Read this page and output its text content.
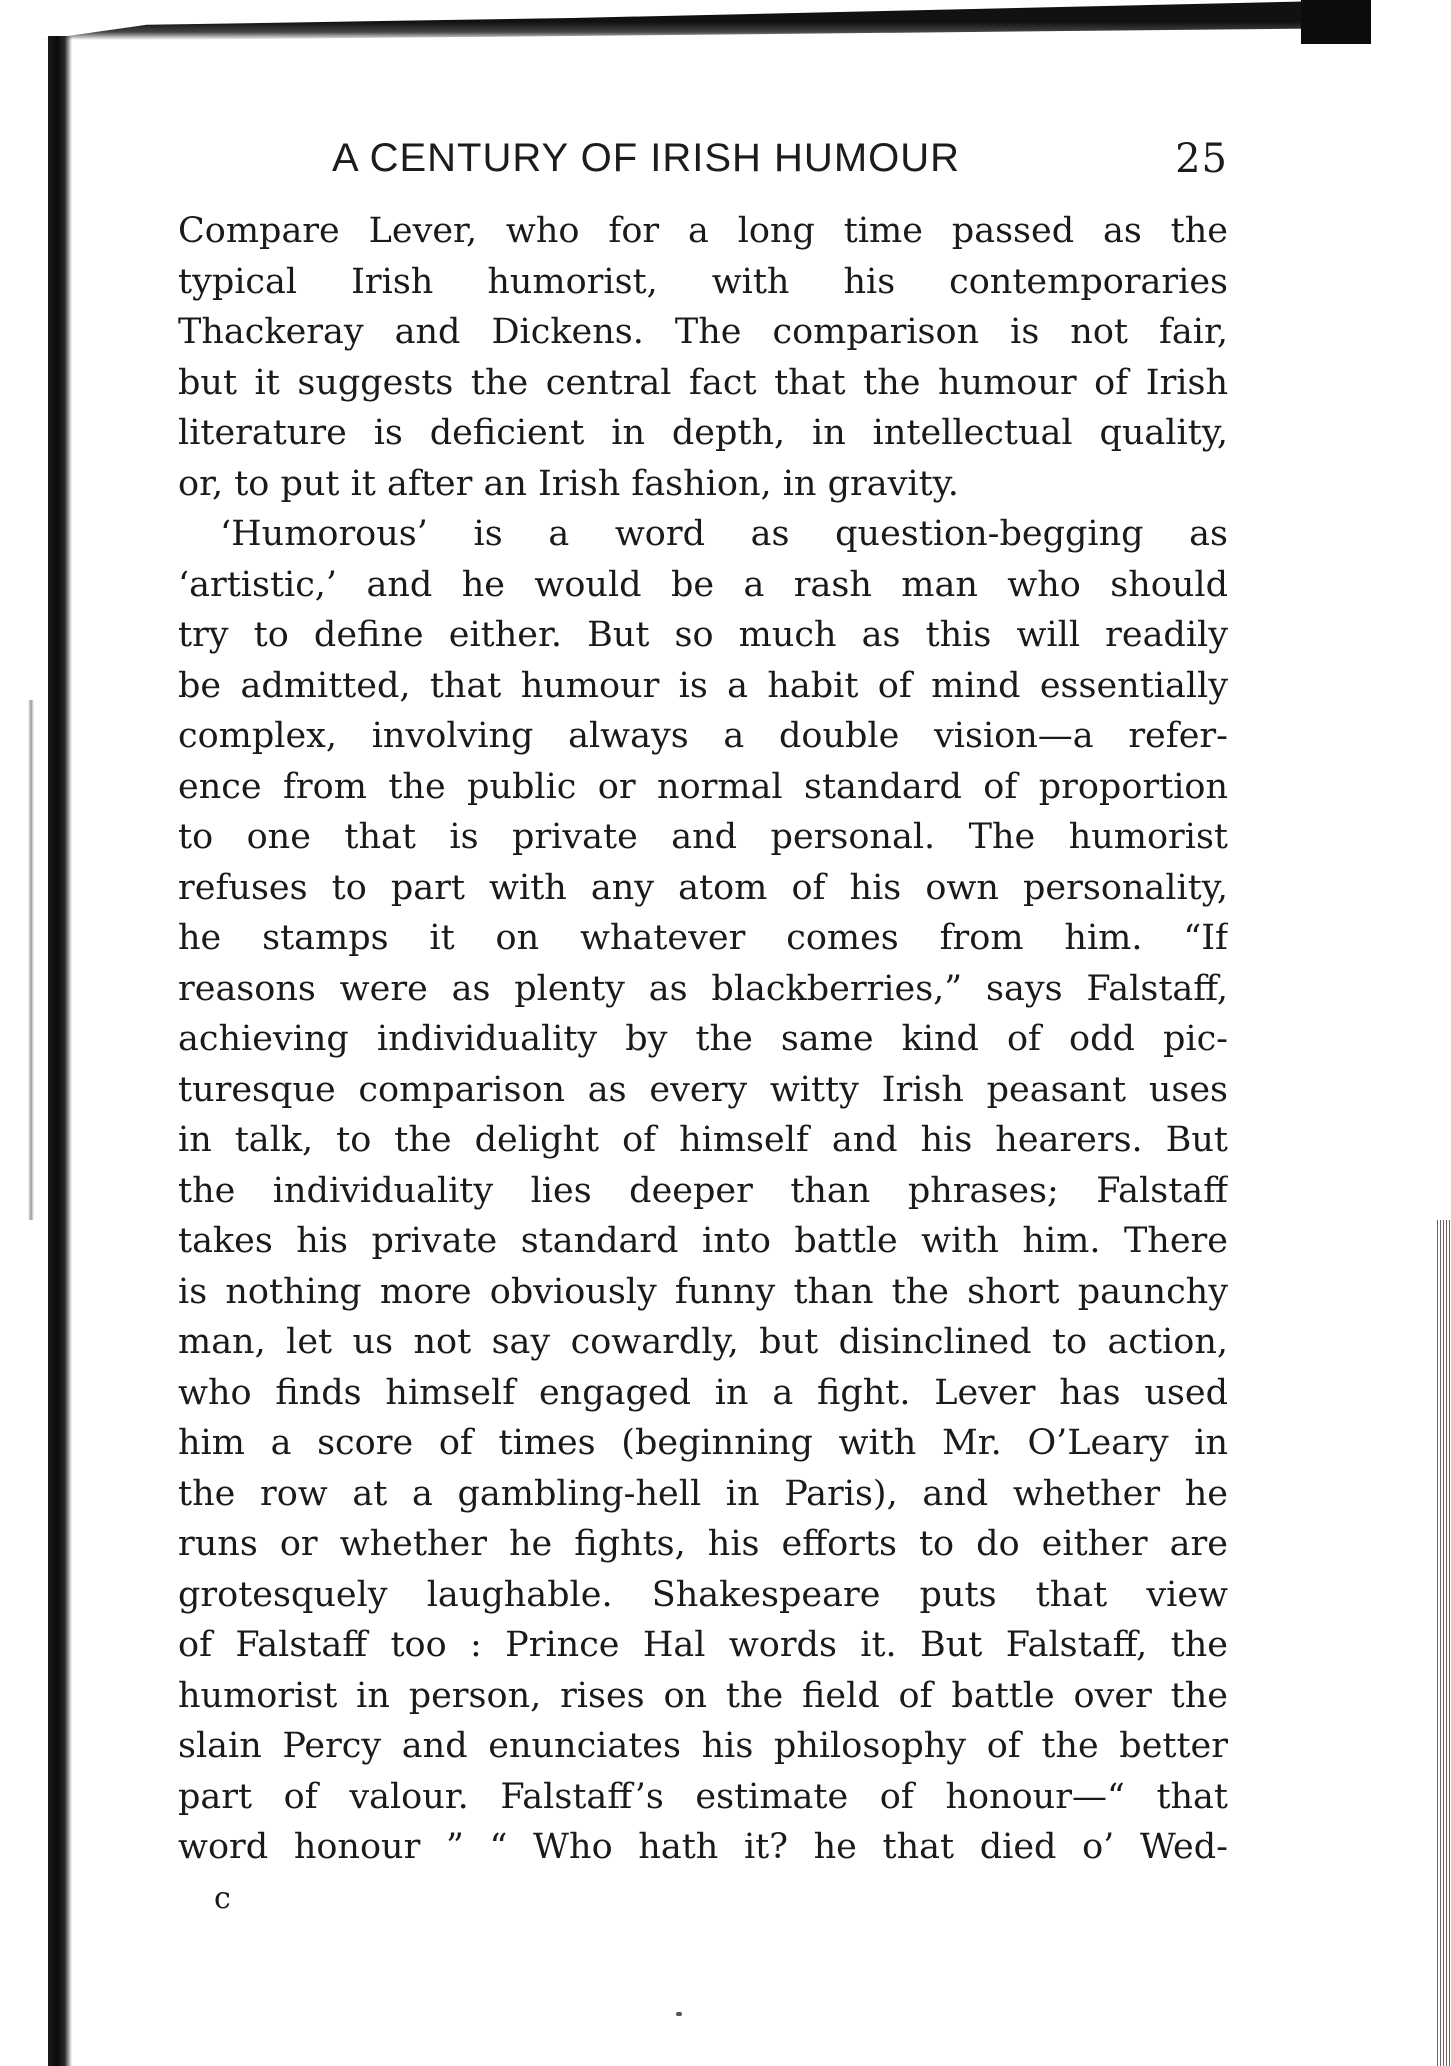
A CENTURY OF IRISH HUMOUR	25
Compare Lever, who for a long time passed as the
typical Irish humorist, with his contemporaries
Thackeray and Dickens. The comparison is not fair,
but it suggests the central fact that the humour of Irish
literature is deficient in depth, in intellectual quality,
or, to put it after an Irish fashion, in gravity.
‘Humorous’ is a word as question-begging as
‘artistic,’ and he would be a rash man who should
try to define either. But so much as this will readily
be admitted, that humour is a habit of mind essentially
complex, involving always a double vision—a refer-
ence from the public or normal standard of proportion
to one that is private and personal. The humorist
refuses to part with any atom of his own personality,
he stamps it on whatever comes from him. “If
reasons were as plenty as blackberries,” says Falstaff,
achieving individuality by the same kind of odd pic-
turesque comparison as every witty Irish peasant uses
in talk, to the delight of himself and his hearers. But
the individuality lies deeper than phrases; Falstaff
takes his private standard into battle with him. There
is nothing more obviously funny than the short paunchy
man, let us not say cowardly, but disinclined to action,
who finds himself engaged in a fight. Lever has used
him a score of times (beginning with Mr. O’Leary in
the row at a gambling-hell in Paris), and whether he
runs or whether he fights, his efforts to do either are
grotesquely laughable. Shakespeare puts that view
of Falstaff too : Prince Hal words it. But Falstaff, the
humorist in person, rises on the field of battle over the
slain Percy and enunciates his philosophy of the better
part of valour. Falstaff’s estimate of honour—“ that
word honour ” “ Who hath it? he that died o’ Wed-
c
